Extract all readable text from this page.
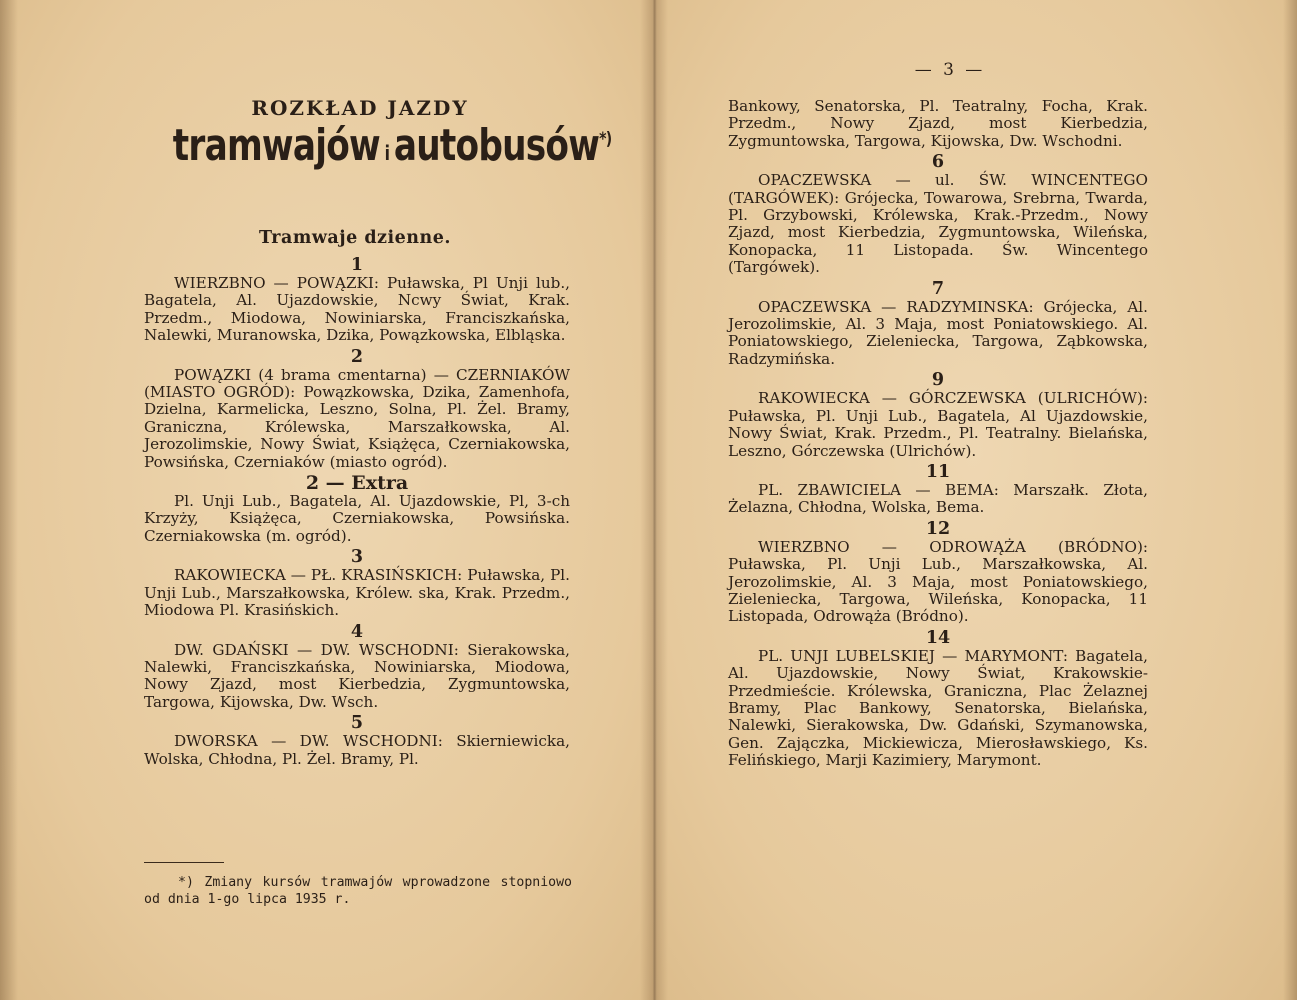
ROZKŁAD JAZDY
tramwajów i autobusów*)
Tramwaje dzienne.

1

WIERZBNO — POWĄZKI: Puławska, Pl Unji lub., Bagatela, Al. Ujazdowskie, Ncwy Świat, Krak. Przedm., Miodowa, Nowiniarska, Franciszkańska, Nalewki, Muranowska, Dzika, Powązkowska, Elbląska.

2

POWĄZKI (4 brama cmentarna) — CZERNIAKÓW (MIASTO OGRÓD): Powązkowska, Dzika, Zamenhofa, Dzielna, Karmelicka, Leszno, Solna, Pl. Żel. Bramy, Graniczna, Królewska, Marszałkowska, Al. Jerozolimskie, Nowy Świat, Książęca, Czerniakowska, Powsińska, Czerniaków (miasto ogród).

2 — Extra

Pl. Unji Lub., Bagatela, Al. Ujazdowskie, Pl, 3-ch Krzyży, Książęca, Czerniakowska, Powsińska. Czerniakowska (m. ogród).

3

RAKOWIECKA — PŁ. KRASIŃSKICH: Puławska, Pl. Unji Lub., Marszałkowska, Królew. ska, Krak. Przedm., Miodowa Pl. Krasińskich.

4

DW. GDAŃSKI — DW. WSCHODNI: Sierakowska, Nalewki, Franciszkańska, Nowiniarska, Miodowa, Nowy Zjazd, most Kierbedzia, Zygmuntowska, Targowa, Kijowska, Dw. Wsch.

5

DWORSKA — DW. WSCHODNI: Skierniewicka, Wolska, Chłodna, Pl. Żel. Bramy, Pl.

*) Zmiany kursów tramwajów wprowadzone stopniowo od dnia 1-go lipca 1935 r.
— 3 —

Bankowy, Senatorska, Pl. Teatralny, Focha, Krak. Przedm., Nowy Zjazd, most Kierbedzia, Zygmuntowska, Targowa, Kijowska, Dw. Wschodni.

6

OPACZEWSKA — ul. ŚW. WINCENTEGO (TARGÓWEK): Grójecka, Towarowa, Srebrna, Twarda, Pl. Grzybowski, Królewska, Krak.-Przedm., Nowy Zjazd, most Kierbedzia, Zygmuntowska, Wileńska, Konopacka, 11 Listopada. Św. Wincentego (Targówek).

7

OPACZEWSKA — RADZYMINSKA: Grójecka, Al. Jerozolimskie, Al. 3 Maja, most Poniatowskiego. Al. Poniatowskiego, Zieleniecka, Targowa, Ząbkowska, Radzymińska.

9

RAKOWIECKA — GÓRCZEWSKA (ULRICHÓW): Puławska, Pl. Unji Lub., Bagatela, Al Ujazdowskie, Nowy Świat, Krak. Przedm., Pl. Teatralny. Bielańska, Leszno, Górczewska (Ulrichów).

11

PL. ZBAWICIELA — BEMA: Marszałk. Złota, Żelazna, Chłodna, Wolska, Bema.

12

WIERZBNO — ODROWĄŻA (BRÓDNO): Puławska, Pl. Unji Lub., Marszałkowska, Al. Jerozolimskie, Al. 3 Maja, most Poniatowskiego, Zieleniecka, Targowa, Wileńska, Konopacka, 11 Listopada, Odrowąża (Bródno).

14

PL. UNJI LUBELSKIEJ — MARYMONT: Bagatela, Al. Ujazdowskie, Nowy Świat, Krakowskie-Przedmieście. Królewska, Graniczna, Plac Żelaznej Bramy, Plac Bankowy, Senatorska, Bielańska, Nalewki, Sierakowska, Dw. Gdański, Szymanowska, Gen. Zajączka, Mickiewicza, Mierosławskiego, Ks. Felińskiego, Marji Kazimiery, Marymont.
